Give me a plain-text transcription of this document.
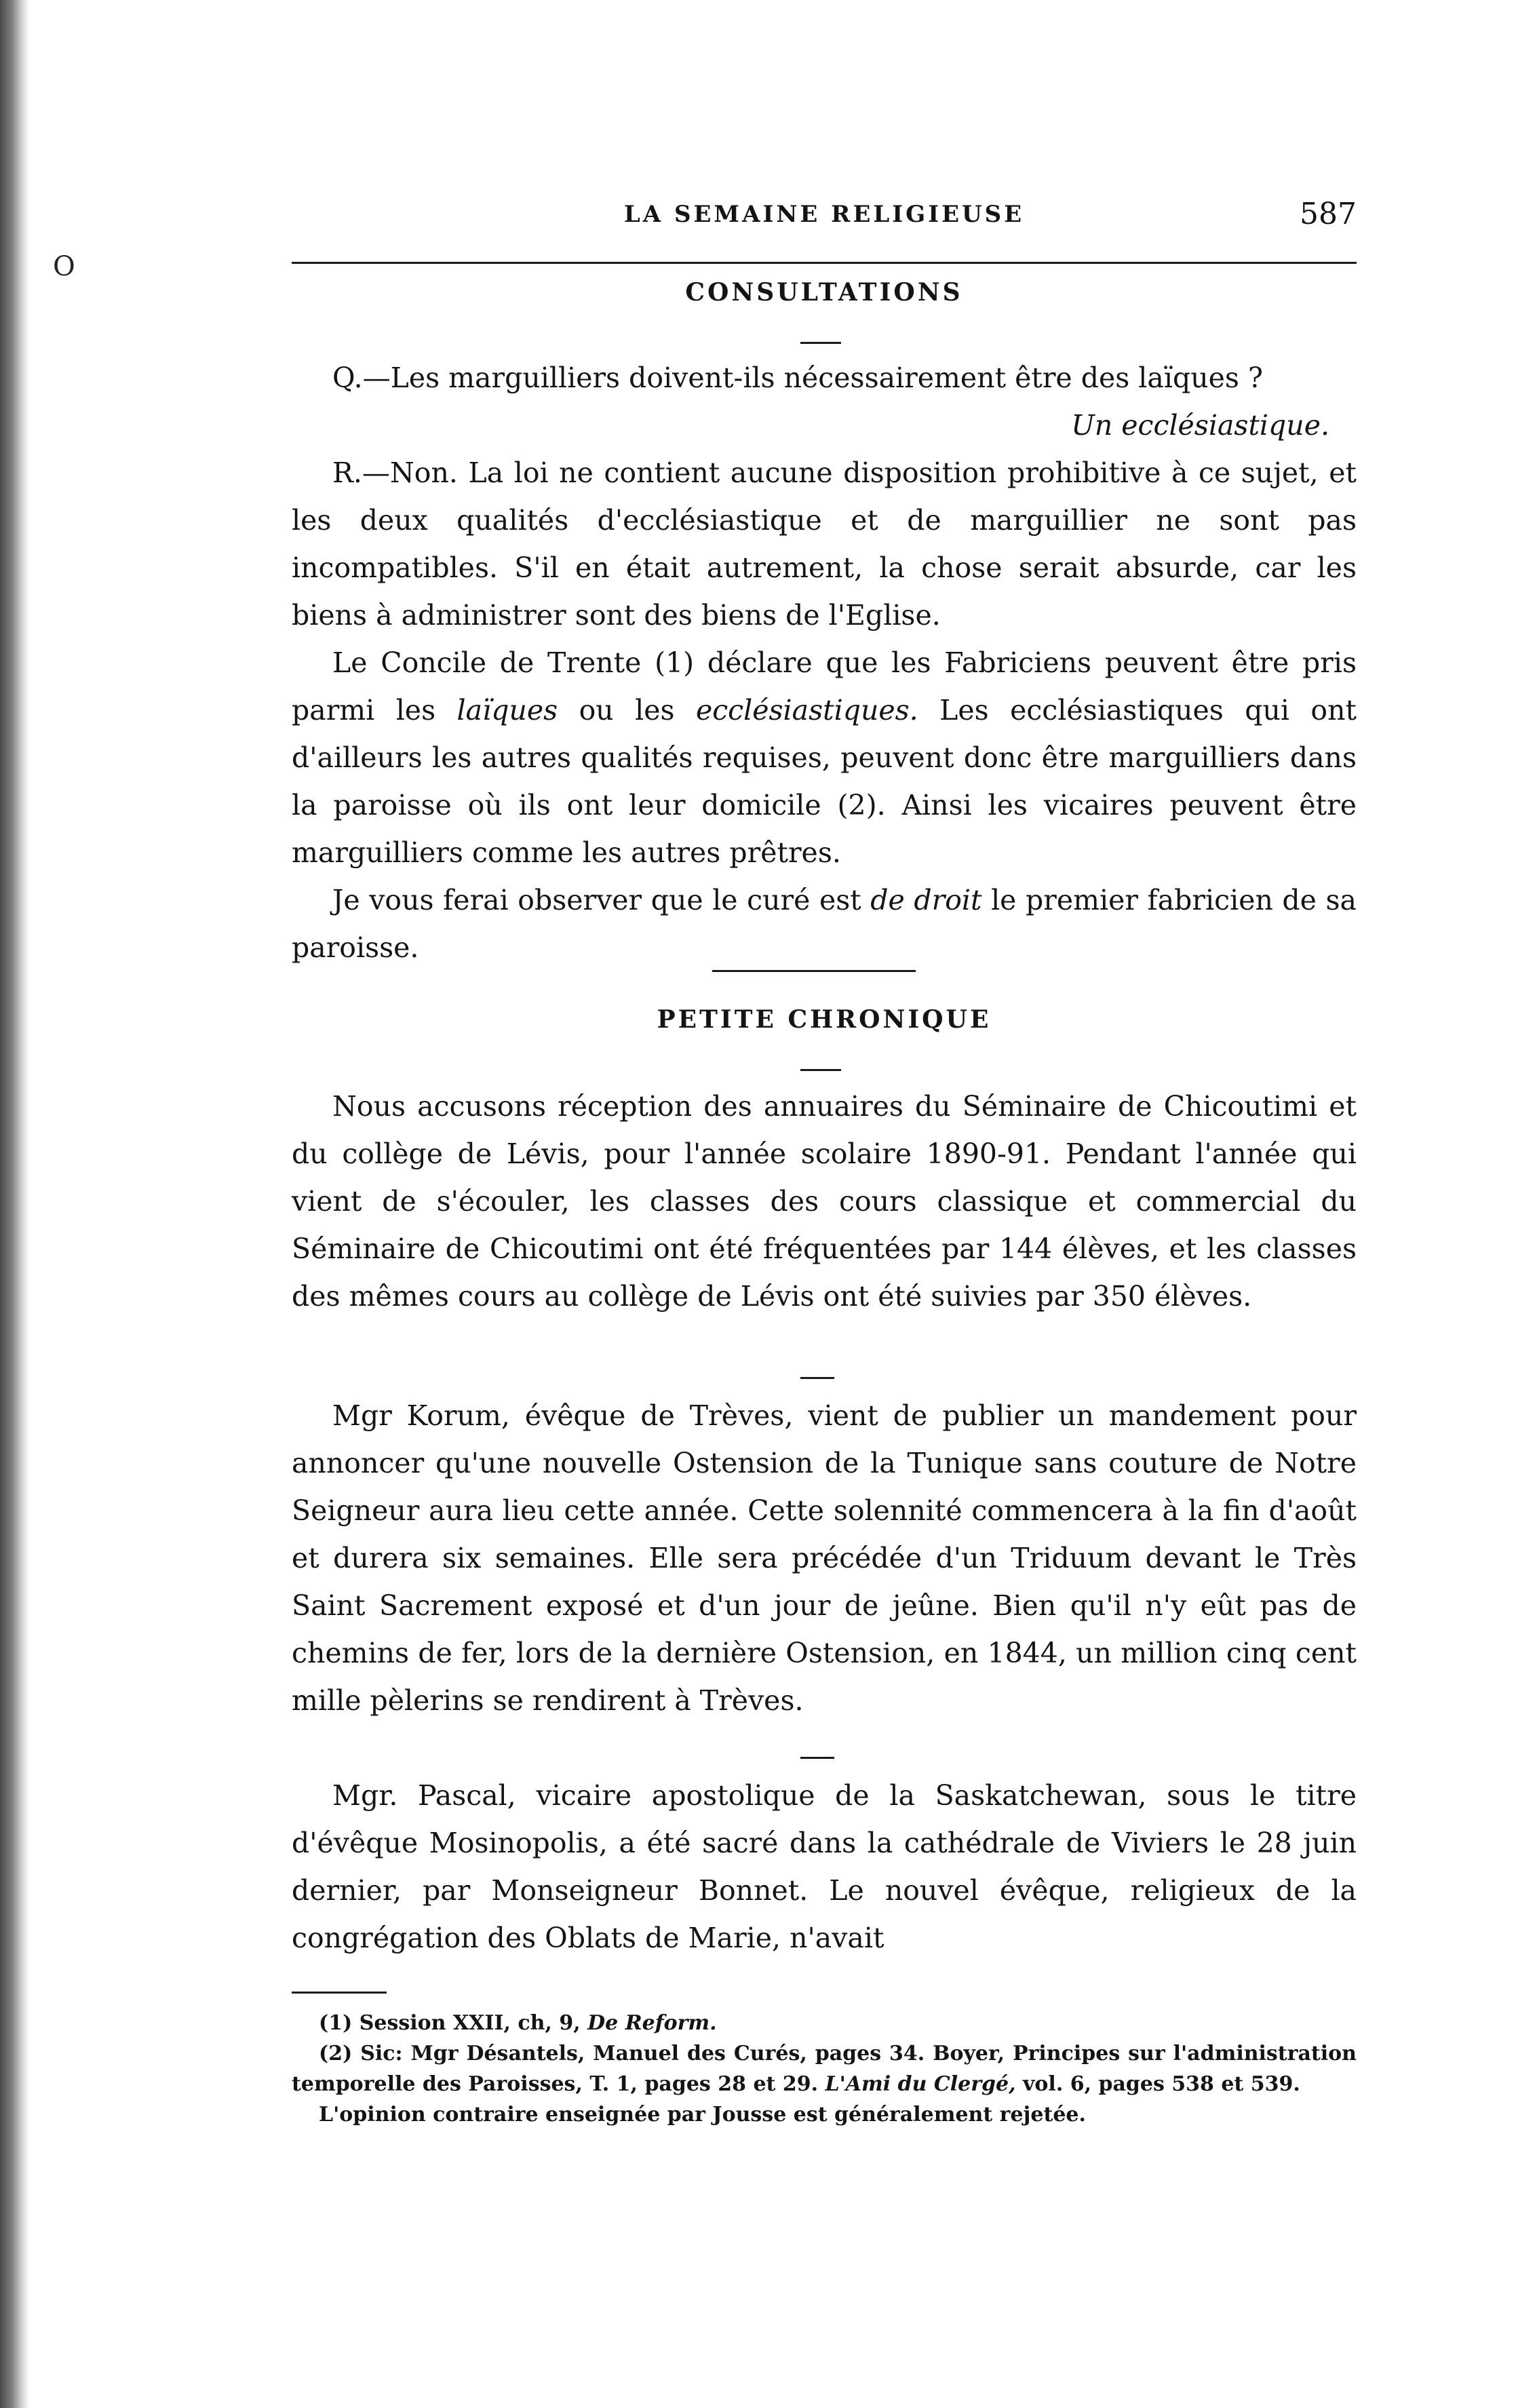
O
LA SEMAINE RELIGIEUSE	587
CONSULTATIONS

Q.—Les marguilliers doivent-ils nécessairement être des laïques ?

Un ecclésiastique.

R.—Non. La loi ne contient aucune disposition prohibitive à ce sujet, et les deux qualités d'ecclésiastique et de marguillier ne sont pas incompatibles. S'il en était autrement, la chose serait absurde, car les biens à administrer sont des biens de l'Eglise.

Le Concile de Trente (1) déclare que les Fabriciens peuvent être pris parmi les laïques ou les ecclésiastiques. Les ecclésiastiques qui ont d'ailleurs les autres qualités requises, peuvent donc être marguilliers dans la paroisse où ils ont leur domicile (2). Ainsi les vicaires peuvent être marguilliers comme les autres prêtres.

Je vous ferai observer que le curé est de droit le premier fabricien de sa paroisse.

PETITE CHRONIQUE

Nous accusons réception des annuaires du Séminaire de Chicoutimi et du collège de Lévis, pour l'année scolaire 1890-91. Pendant l'année qui vient de s'écouler, les classes des cours classique et commercial du Séminaire de Chicoutimi ont été fréquentées par 144 élèves, et les classes des mêmes cours au collège de Lévis ont été suivies par 350 élèves.

Mgr Korum, évêque de Trèves, vient de publier un mandement pour annoncer qu'une nouvelle Ostension de la Tunique sans couture de Notre Seigneur aura lieu cette année. Cette solennité commencera à la fin d'août et durera six semaines. Elle sera précédée d'un Triduum devant le Très Saint Sacrement exposé et d'un jour de jeûne. Bien qu'il n'y eût pas de chemins de fer, lors de la dernière Ostension, en 1844, un million cinq cent mille pèlerins se rendirent à Trèves.

Mgr. Pascal, vicaire apostolique de la Saskatchewan, sous le titre d'évêque Mosinopolis, a été sacré dans la cathédrale de Viviers le 28 juin dernier, par Monseigneur Bonnet. Le nouvel évêque, religieux de la congrégation des Oblats de Marie, n'avait

(1) Session XXII, ch, 9, De Reform.

(2) Sic: Mgr Désantels, Manuel des Curés, pages 34. Boyer, Principes sur l'administration temporelle des Paroisses, T. 1, pages 28 et 29. L'Ami du Clergé, vol. 6, pages 538 et 539.

L'opinion contraire enseignée par Jousse est généralement rejetée.
